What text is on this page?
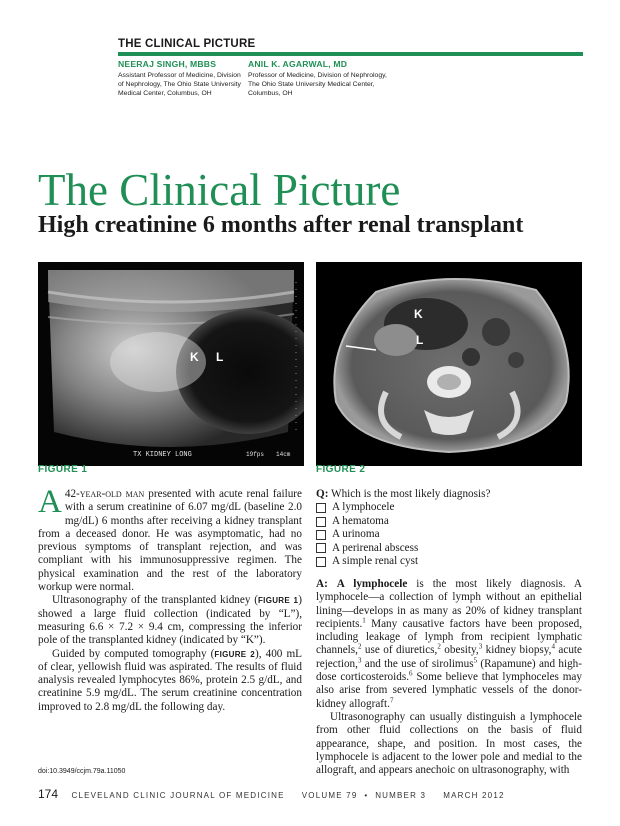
THE CLINICAL PICTURE
NEERAJ SINGH, MBBS
Assistant Professor of Medicine, Division
of Nephrology, The Ohio State University
Medical Center, Columbus, OH
ANIL K. AGARWAL, MD
Professor of Medicine, Division of Nephrology,
The Ohio State University Medical Center,
Columbus, OH
The Clinical Picture
High creatinine 6 months after renal transplant
K L
TX KIDNEY LONG	19fps 14cm
FIGURE 1
K
L
FIGURE 2

A 42-year-old man presented with acute renal failure with a serum creatinine of 6.07 mg/dL (baseline 2.0 mg/dL) 6 months after receiving a kidney transplant from a deceased donor. He was asymptomatic, had no previous symptoms of transplant rejection, and was compliant with his immunosuppressive regimen. The physical examination and the rest of the laboratory workup were normal.

Ultrasonography of the transplanted kidney (FIGURE 1) showed a large fluid collection (indicated by “L”), measuring 6.6 × 7.2 × 9.4 cm, compressing the inferior pole of the transplanted kidney (indicated by “K”).

Guided by computed tomography (FIGURE 2), 400 mL of clear, yellowish fluid was aspirated. The results of fluid analysis revealed lymphocytes 86%, protein 2.5 g/dL, and creatinine 5.9 mg/dL. The serum creatinine concentration improved to 2.8 mg/dL the following day.

Q: Which is the most likely diagnosis?
A lymphocele
A hematoma
A urinoma
A perirenal abscess
A simple renal cyst

A: A lymphocele is the most likely diagnosis. A lymphocele—a collection of lymph without an epithelial lining—develops in as many as 20% of kidney transplant recipients.$^1$ Many causative factors have been proposed, including leakage of lymph from recipient lymphatic channels,$^2$ use of diuretics,$^2$ obesity,$^3$ kidney biopsy,$^4$ acute rejection,$^3$ and the use of sirolimus$^5$ (Rapamune) and high-dose corticosteroids.$^6$ Some believe that lymphoceles may also arise from severed lymphatic vessels of the donor-kidney allograft.$^7$

Ultrasonography can usually distinguish a lymphocele from other fluid collections on the basis of fluid appearance, shape, and position. In most cases, the lymphocele is adjacent to the lower pole and medial to the allograft, and appears anechoic on ultrasonography, with

doi:10.3949/ccjm.79a.11050
174 CLEVELAND CLINIC JOURNAL OF MEDICINE VOLUME 79  •  NUMBER 3 MARCH 2012
